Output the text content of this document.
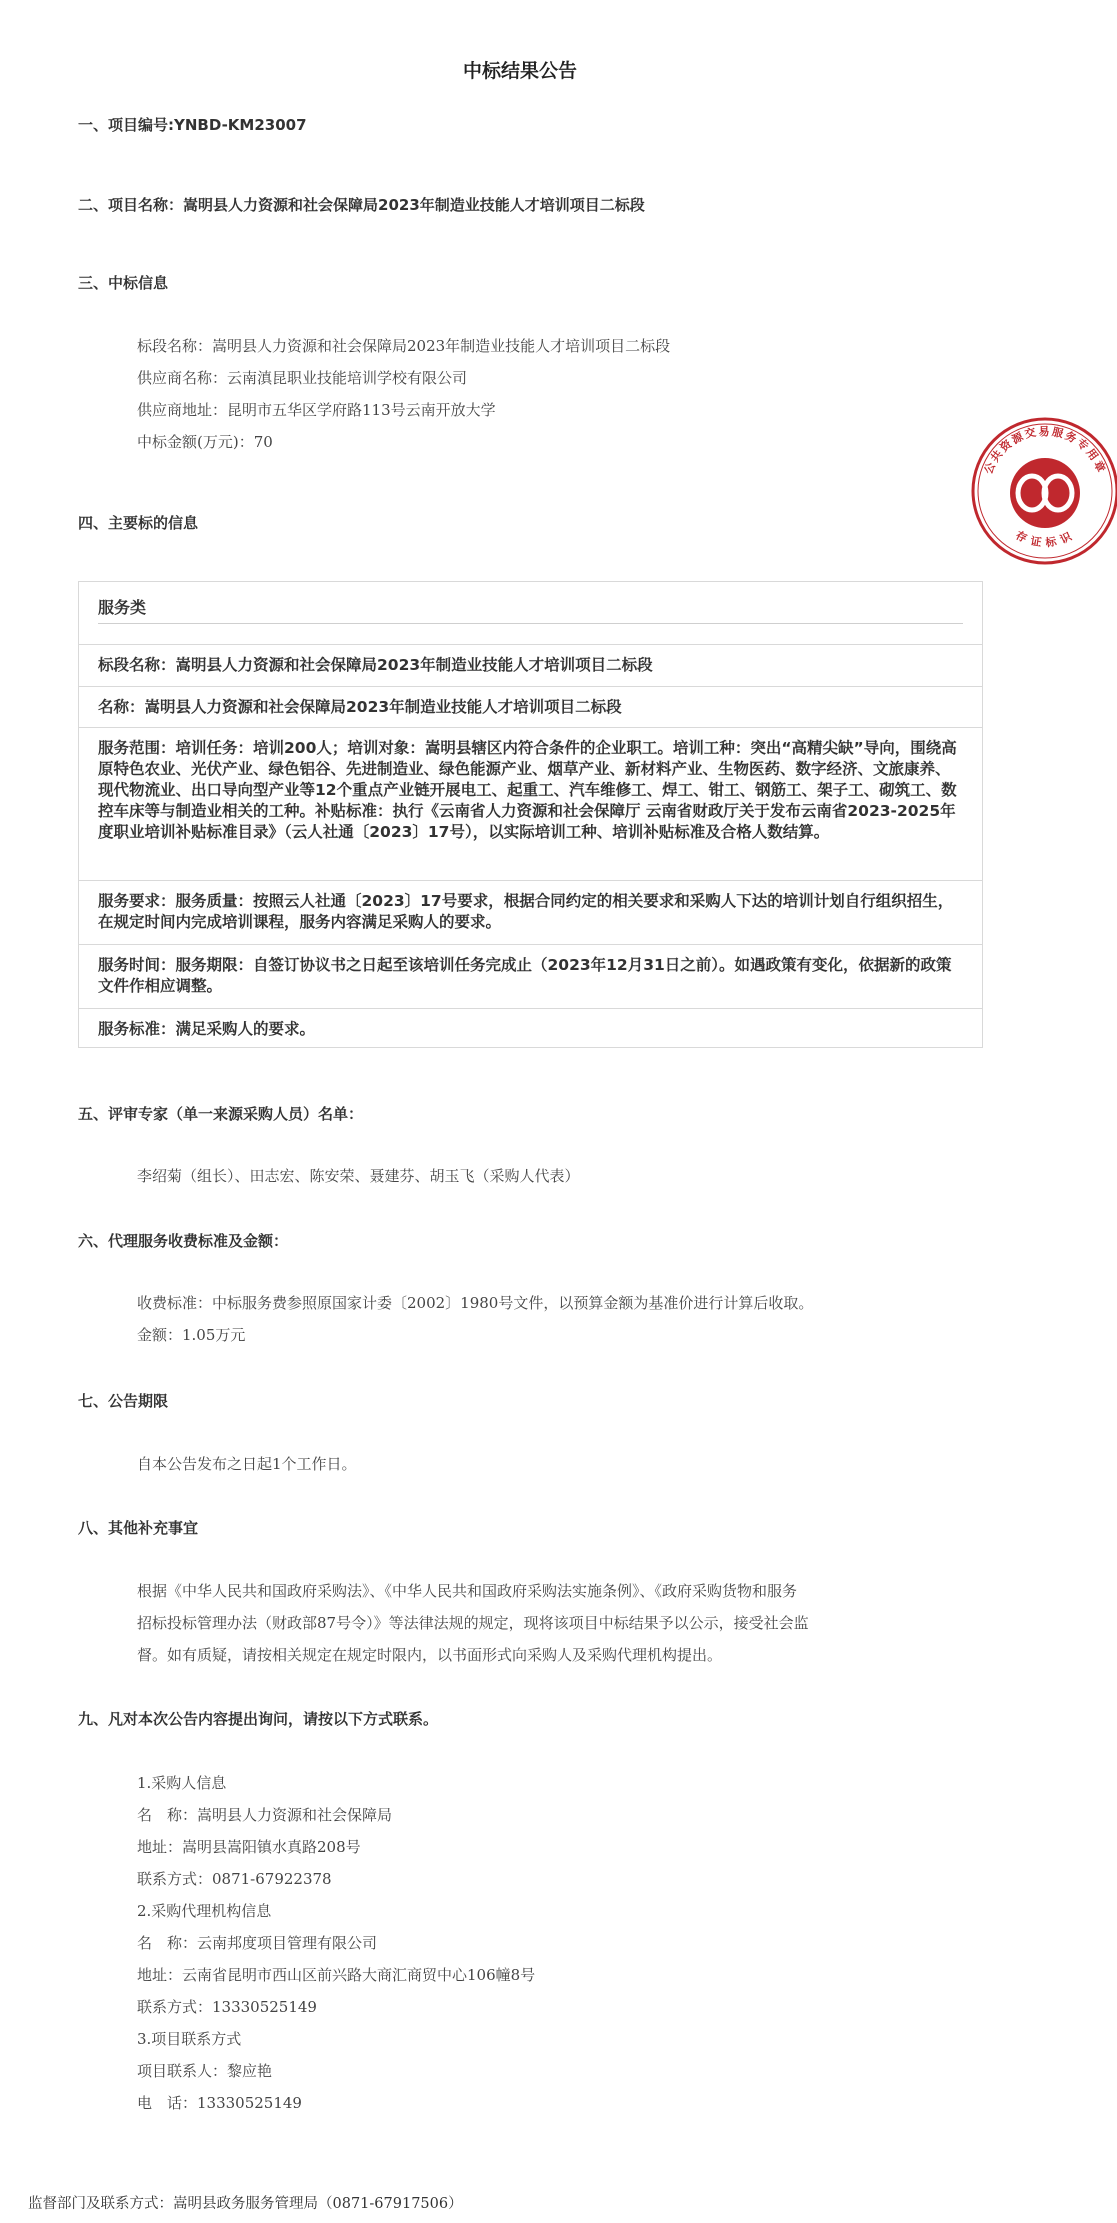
中标结果公告
一、项目编号:YNBD-KM23007
二、项目名称：嵩明县人力资源和社会保障局2023年制造业技能人才培训项目二标段
三、中标信息
标段名称：嵩明县人力资源和社会保障局2023年制造业技能人才培训项目二标段
供应商名称：云南滇昆职业技能培训学校有限公司
供应商地址：昆明市五华区学府路113号云南开放大学
中标金额(万元)：70
公共资源交易服务专用章
存证标识
四、主要标的信息
服务类
标段名称：嵩明县人力资源和社会保障局2023年制造业技能人才培训项目二标段
名称：嵩明县人力资源和社会保障局2023年制造业技能人才培训项目二标段
服务范围：培训任务：培训200人；培训对象：嵩明县辖区内符合条件的企业职工。培训工种：突出“高精尖缺”导向，围绕高原特色农业、光伏产业、绿色铝谷、先进制造业、绿色能源产业、烟草产业、新材料产业、生物医药、数字经济、文旅康养、现代物流业、出口导向型产业等12个重点产业链开展电工、起重工、汽车维修工、焊工、钳工、钢筋工、架子工、砌筑工、数控车床等与制造业相关的工种。补贴标准：执行《云南省人力资源和社会保障厅 云南省财政厅关于发布云南省2023-2025年度职业培训补贴标准目录》（云人社通〔2023〕17号），以实际培训工种、培训补贴标准及合格人数结算。
服务要求：服务质量：按照云人社通〔2023〕17号要求，根据合同约定的相关要求和采购人下达的培训计划自行组织招生，在规定时间内完成培训课程，服务内容满足采购人的要求。
服务时间：服务期限：自签订协议书之日起至该培训任务完成止（2023年12月31日之前）。如遇政策有变化，依据新的政策文件作相应调整。
服务标准：满足采购人的要求。
五、评审专家（单一来源采购人员）名单：
李绍菊（组长）、田志宏、陈安荣、聂建芬、胡玉飞（采购人代表）
六、代理服务收费标准及金额：
收费标准：中标服务费参照原国家计委〔2002〕1980号文件，以预算金额为基准价进行计算后收取。
金额：1.05万元
七、公告期限
自本公告发布之日起1个工作日。
八、其他补充事宜
根据《中华人民共和国政府采购法》、《中华人民共和国政府采购法实施条例》、《政府采购货物和服务
招标投标管理办法（财政部87号令）》等法律法规的规定，现将该项目中标结果予以公示，接受社会监
督。如有质疑，请按相关规定在规定时限内，以书面形式向采购人及采购代理机构提出。
九、凡对本次公告内容提出询问，请按以下方式联系。
1.采购人信息
名　称：嵩明县人力资源和社会保障局
地址：嵩明县嵩阳镇水真路208号
联系方式：0871-67922378
2.采购代理机构信息
名　称：云南邦度项目管理有限公司
地址：云南省昆明市西山区前兴路大商汇商贸中心106幢8号
联系方式：13330525149
3.项目联系方式
项目联系人：黎应艳
电　话：13330525149
监督部门及联系方式：嵩明县政务服务管理局（0871-67917506）
